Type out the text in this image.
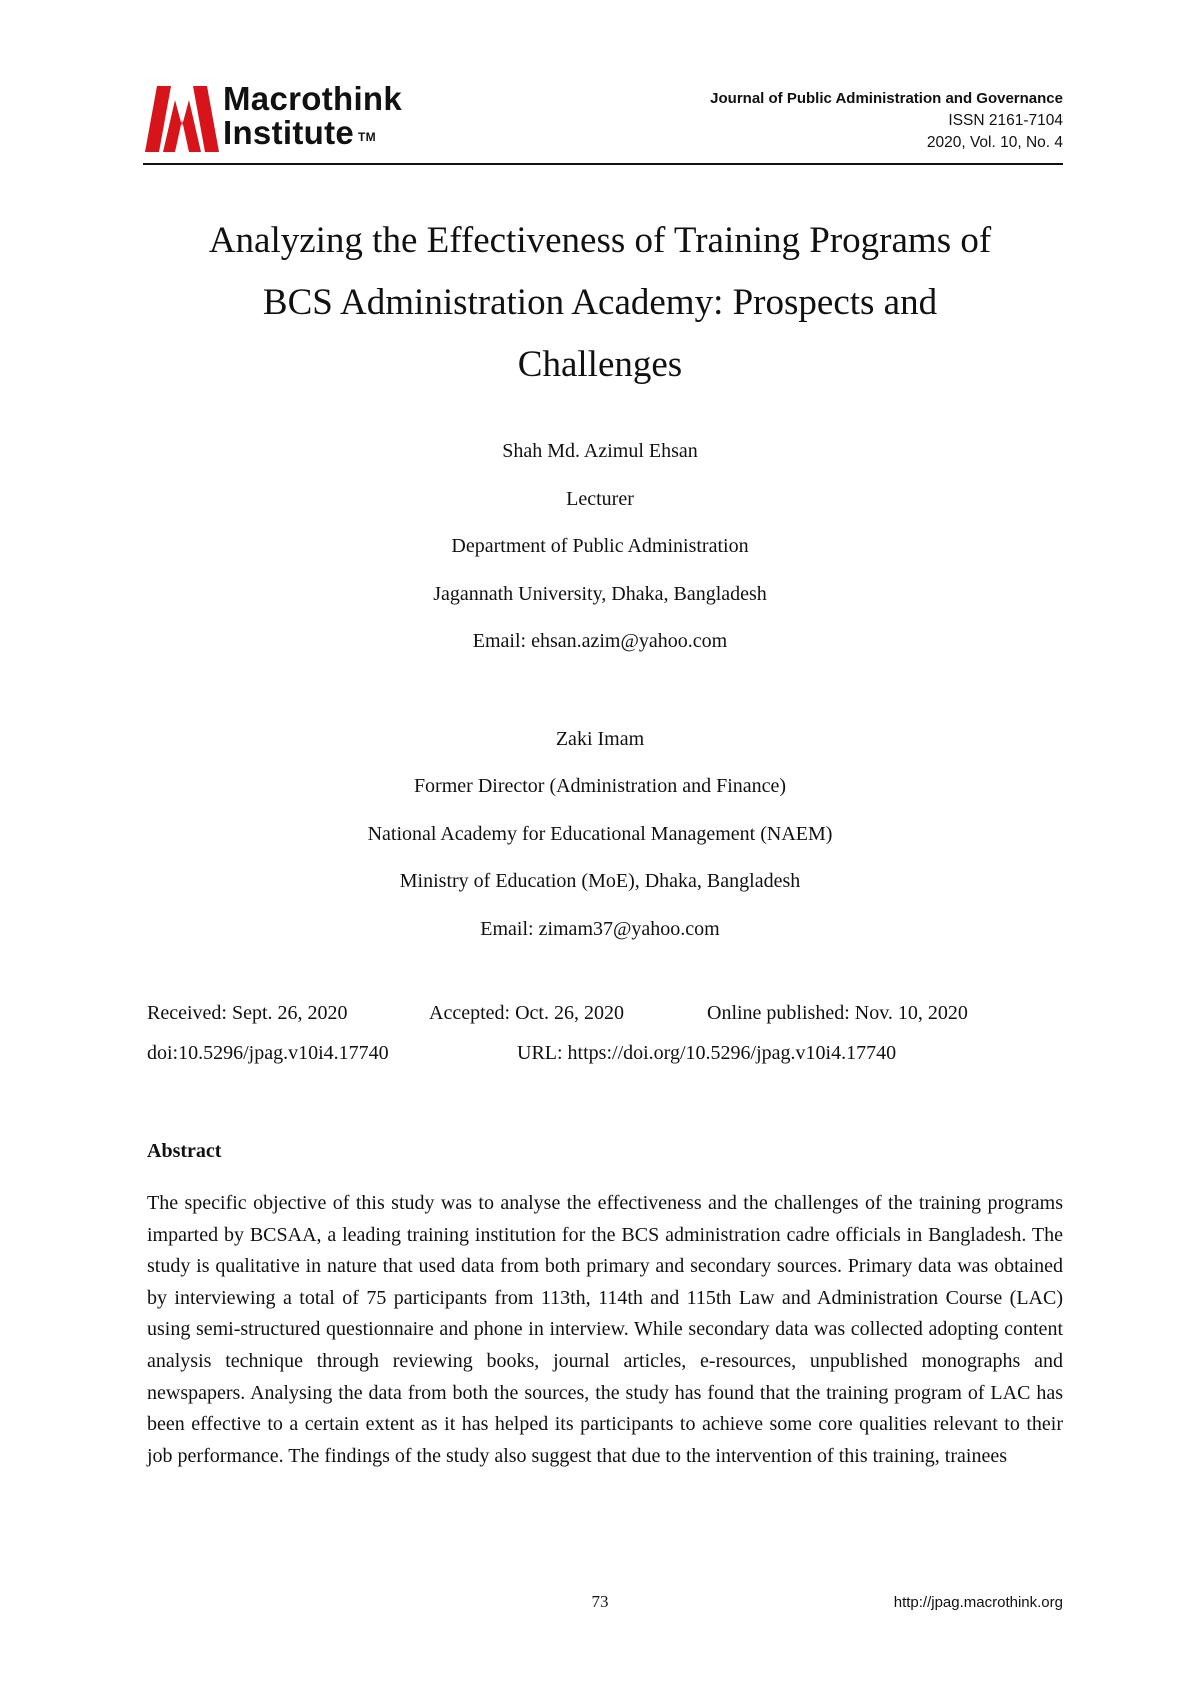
Macrothink
Institute ™
Journal of Public Administration and Governance
ISSN 2161-7104
2020, Vol. 10, No. 4
Analyzing the Effectiveness of Training Programs of
BCS Administration Academy: Prospects and
Challenges
Shah Md. Azimul Ehsan
Lecturer
Department of Public Administration
Jagannath University, Dhaka, Bangladesh
Email: ehsan.azim@yahoo.com
Zaki Imam
Former Director (Administration and Finance)
National Academy for Educational Management (NAEM)
Ministry of Education (MoE), Dhaka, Bangladesh
Email: zimam37@yahoo.com
Received: Sept. 26, 2020	Accepted: Oct. 26, 2020	Online published: Nov. 10, 2020
doi:10.5296/jpag.v10i4.17740	URL: https://doi.org/10.5296/jpag.v10i4.17740
Abstract
The specific objective of this study was to analyse the effectiveness and the challenges of the training programs imparted by BCSAA, a leading training institution for the BCS administration cadre officials in Bangladesh. The study is qualitative in nature that used data from both primary and secondary sources. Primary data was obtained by interviewing a total of 75 participants from 113th, 114th and 115th Law and Administration Course (LAC) using semi-structured questionnaire and phone in interview. While secondary data was collected adopting content analysis technique through reviewing books, journal articles, e-resources, unpublished monographs and newspapers. Analysing the data from both the sources, the study has found that the training program of LAC has been effective to a certain extent as it has helped its participants to achieve some core qualities relevant to their job performance. The findings of the study also suggest that due to the intervention of this training, trainees
73	http://jpag.macrothink.org
